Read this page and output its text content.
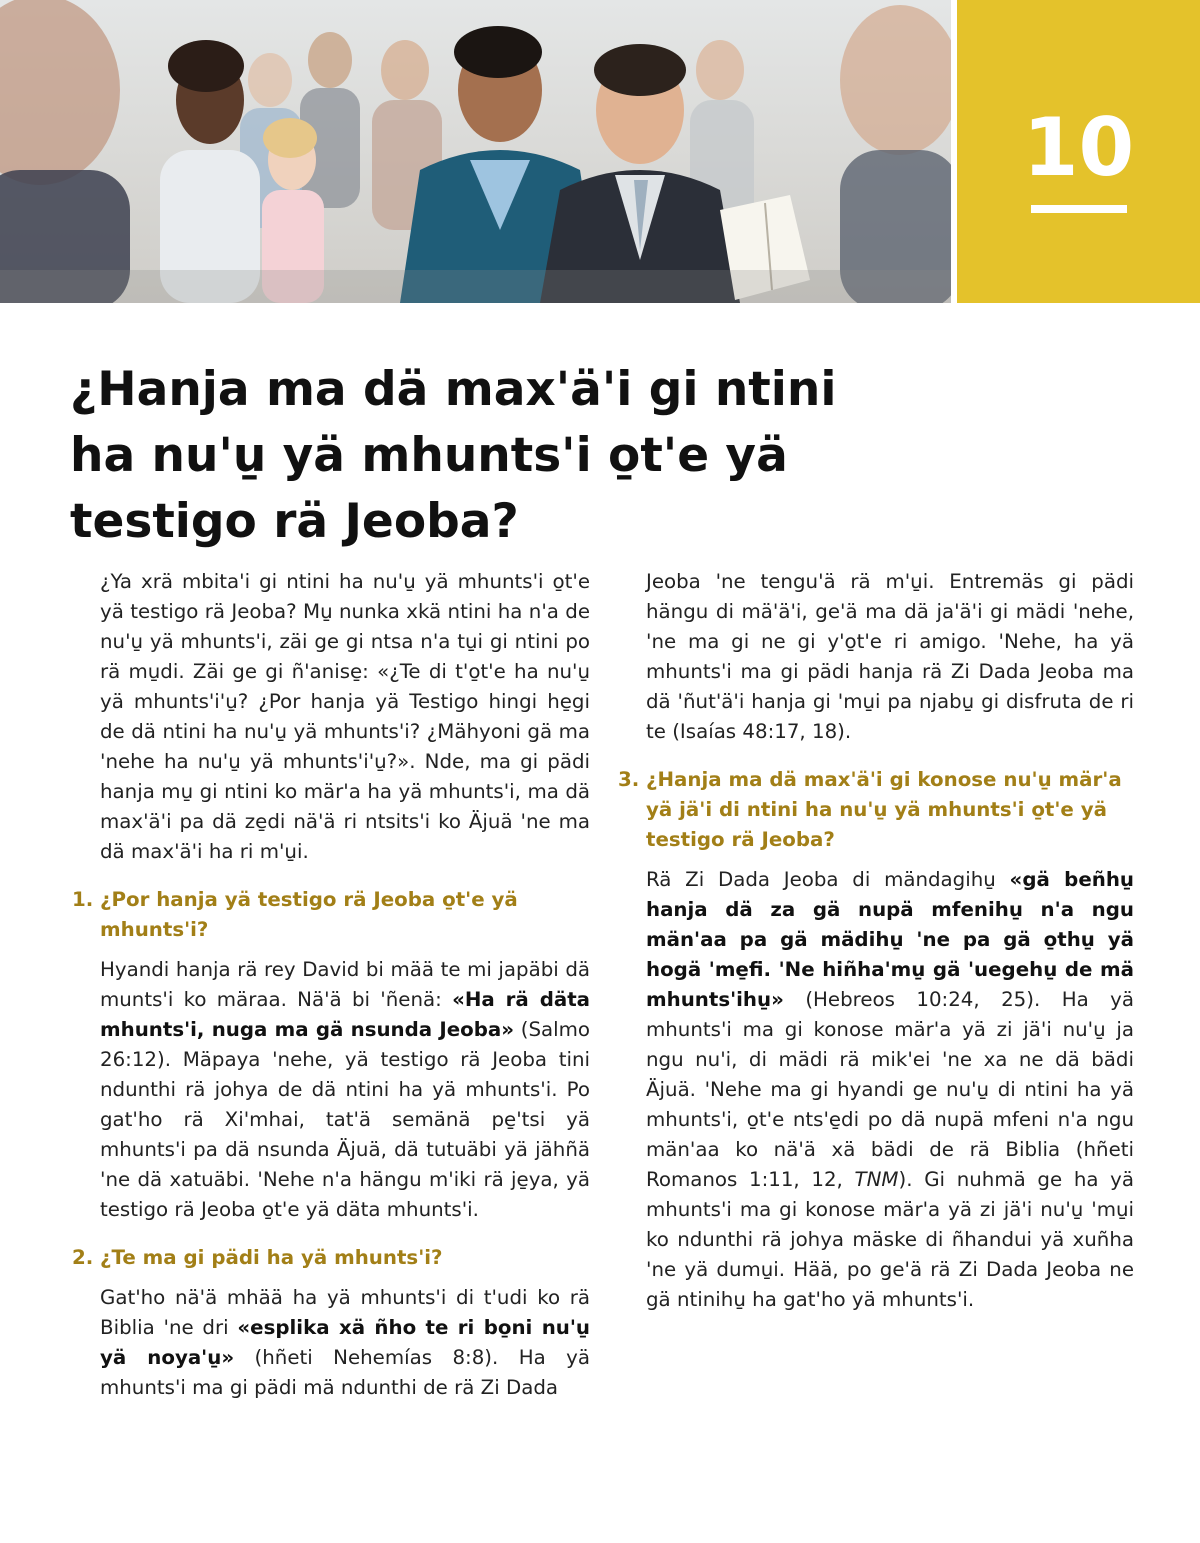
10
¿Hanja ma dä max'ä'i gi ntini ha nu'u̱ yä mhunts'i o̱t'e yä testigo rä Jeoba?

¿Ya xrä mbita'i gi ntini ha nu'u̱ yä mhunts'i o̱t'e yä testigo rä Jeoba? Mu̱ nunka xkä ntini ha n'a de nu'u̱ yä mhunts'i, zäi ge gi ntsa n'a tu̱i gi ntini po rä mu̱di. Zäi ge gi ñ'anise̱: «¿Te di t'o̱t'e ha nu'u̱ yä mhunts'i'u̱? ¿Por hanja yä Testigo hingi he̱gi de dä ntini ha nu'u̱ yä mhunts'i? ¿Mähyoni gä ma 'nehe ha nu'u̱ yä mhunts'i'u̱?». Nde, ma gi pädi hanja mu̱ gi ntini ko mär'a ha yä mhunts'i, ma dä max'ä'i pa dä ze̱di nä'ä ri ntsits'i ko Äjuä 'ne ma dä max'ä'i ha ri m'u̱i.

1. ¿Por hanja yä testigo rä Jeoba o̱t'e yä mhunts'i?

Hyandi hanja rä rey David bi mää te mi japäbi dä munts'i ko märaa. Nä'ä bi 'ñenä: «Ha rä däta mhunts'i, nuga ma gä nsunda Jeoba» (Salmo 26:12). Mäpaya 'nehe, yä testigo rä Jeoba tini ndunthi rä johya de dä ntini ha yä mhunts'i. Po gat'ho rä Xi'mhai, tat'ä semänä pe̱'tsi yä mhunts'i pa dä nsunda Äjuä, dä tutuäbi yä jähñä 'ne dä xatuäbi. 'Nehe n'a hängu m'iki rä je̱ya, yä testigo rä Jeoba o̱t'e yä däta mhunts'i.

2. ¿Te ma gi pädi ha yä mhunts'i?

Gat'ho nä'ä mhää ha yä mhunts'i di t'udi ko rä Biblia 'ne dri «esplika xä ñho te ri bo̱ni nu'u̱ yä noya'u̱» (hñeti Nehemías 8:8). Ha yä mhunts'i ma gi pädi mä ndunthi de rä Zi Dada

Jeoba 'ne tengu'ä rä m'u̱i. Entremäs gi pädi hängu di mä'ä'i, ge'ä ma dä ja'ä'i gi mädi 'nehe, 'ne ma gi ne gi y'o̱t'e ri amigo. 'Nehe, ha yä mhunts'i ma gi pädi hanja rä Zi Dada Jeoba ma dä 'ñut'ä'i hanja gi 'mu̱i pa njabu̱ gi disfruta de ri te (Isaías 48:17, 18).

3. ¿Hanja ma dä max'ä'i gi konose nu'u̱ mär'a yä jä'i di ntini ha nu'u̱ yä mhunts'i o̱t'e yä testigo rä Jeoba?

Rä Zi Dada Jeoba di mändagihu̱ «gä beñhu̱ hanja dä za gä nupä mfenihu̱ n'a ngu män'aa pa gä mädihu̱ 'ne pa gä o̱thu̱ yä hogä 'me̱fi. 'Ne hiñha'mu̱ gä 'uegehu̱ de mä mhunts'ihu̱» (Hebreos 10:24, 25). Ha yä mhunts'i ma gi konose mär'a yä zi jä'i nu'u̱ ja ngu nu'i, di mädi rä mik'ei 'ne xa ne dä bädi Äjuä. 'Nehe ma gi hyandi ge nu'u̱ di ntini ha yä mhunts'i, o̱t'e nts'e̱di po dä nupä mfeni n'a ngu män'aa ko nä'ä xä bädi de rä Biblia (hñeti Romanos 1:11, 12, TNM). Gi nuhmä ge ha yä mhunts'i ma gi konose mär'a yä zi jä'i nu'u̱ 'mu̱i ko ndunthi rä johya mäske di ñhandui yä xuñha 'ne yä dumu̱i. Hää, po ge'ä rä Zi Dada Jeoba ne gä ntinihu̱ ha gat'ho yä mhunts'i.
